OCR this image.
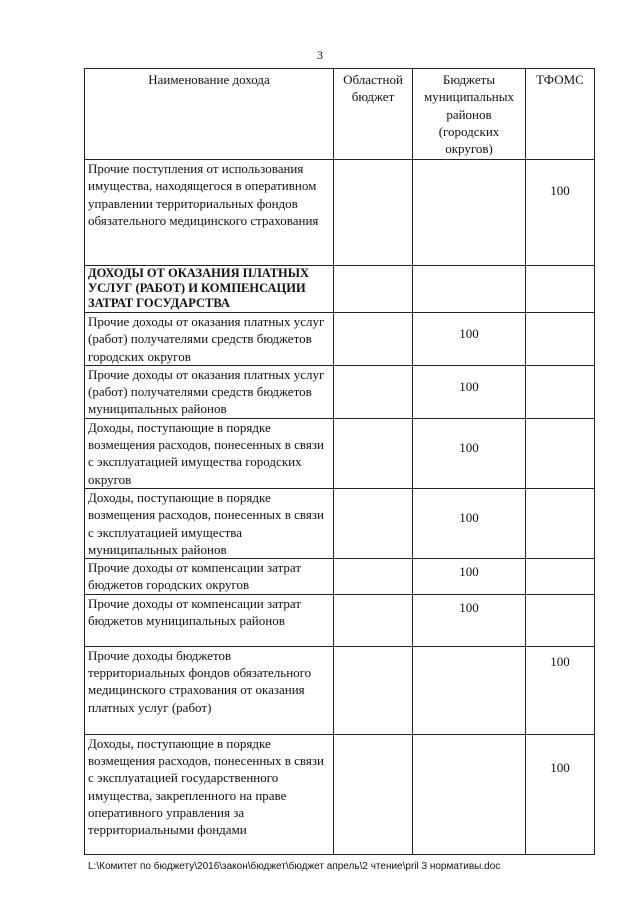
3
Наименование дохода	Областной бюджет	Бюджеты муниципальных районов (городских округов)	ТФОМС
Прочие поступления от использования имущества, находящегося в оперативном управлении территориальных фондов обязательного медицинского страхования			100

ДОХОДЫ ОТ ОКАЗАНИЯ ПЛАТНЫХ УСЛУГ (РАБОТ) И КОМПЕНСАЦИИ ЗАТРАТ ГОСУДАРСТВА	

Прочие доходы от оказания платных услуг (работ) получателями средств бюджетов городских округов		100	

Прочие доходы от оказания платных услуг (работ) получателями средств бюджетов муниципальных районов		100	

Доходы, поступающие в порядке возмещения расходов, понесенных в связи с эксплуатацией имущества городских округов		100	

Доходы, поступающие в порядке возмещения расходов, понесенных в связи с эксплуатацией имущества муниципальных районов		100	

Прочие доходы от компенсации затрат бюджетов городских округов		100	

Прочие доходы от компенсации затрат бюджетов муниципальных районов		100	

Прочие доходы бюджетов территориальных фондов обязательного медицинского страхования от оказания платных услуг (работ)			100

Доходы, поступающие в порядке возмещения расходов, понесенных в связи с эксплуатацией государственного имущества, закрепленного на праве оперативного управления за территориальными фондами			100
L:\Комитет по бюджету\2016\закон\бюджет\бюджет апрель\2 чтение\pril 3 нормативы.doc
